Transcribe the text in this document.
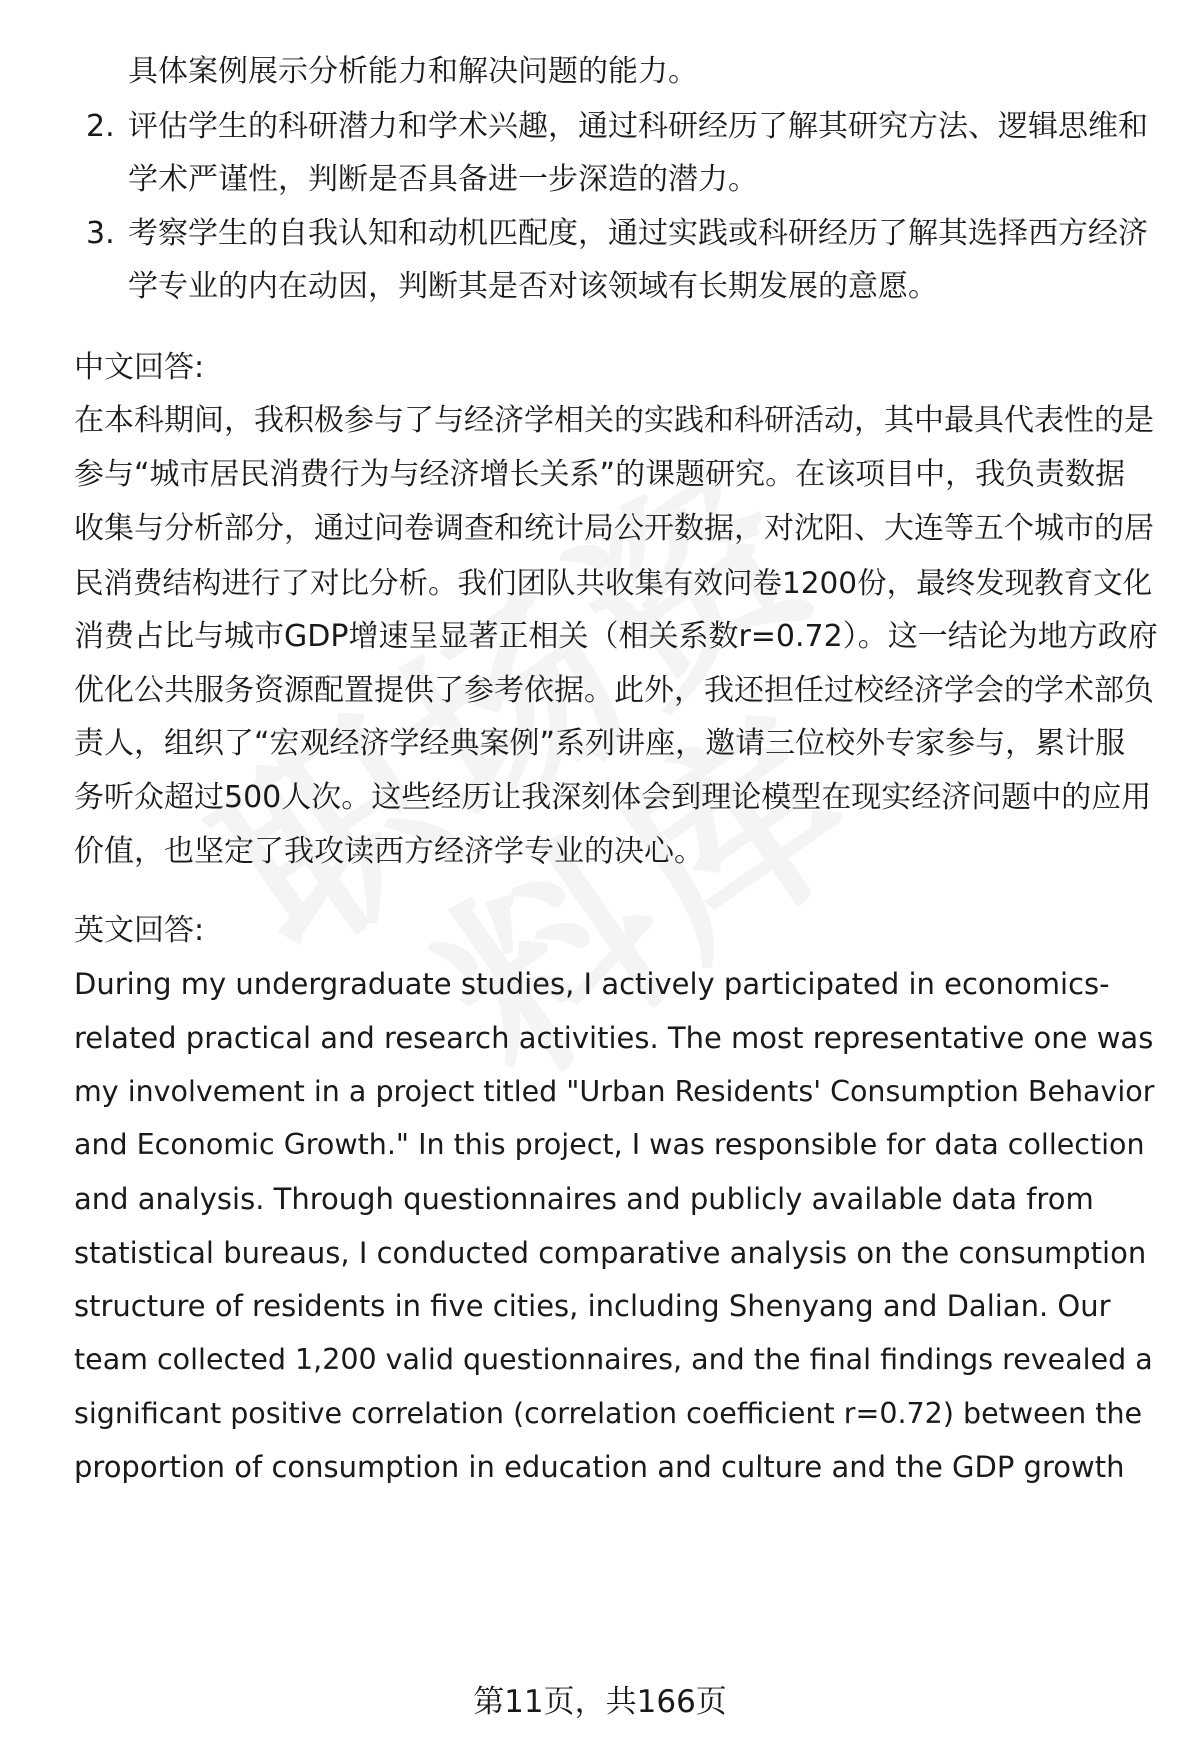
具体案例展示分析能力和解决问题的能力。
2. 评估学生的科研潜力和学术兴趣，通过科研经历了解其研究方法、逻辑思维和
学术严谨性，判断是否具备进一步深造的潜力。
3. 考察学生的自我认知和动机匹配度，通过实践或科研经历了解其选择西方经济
学专业的内在动因，判断其是否对该领域有长期发展的意愿。
中文回答:
在本科期间，我积极参与了与经济学相关的实践和科研活动，其中最具代表性的是
参与“城市居民消费行为与经济增长关系”的课题研究。在该项目中，我负责数据
收集与分析部分，通过问卷调查和统计局公开数据，对沈阳、大连等五个城市的居
民消费结构进行了对比分析。我们团队共收集有效问卷1200份，最终发现教育文化
消费占比与城市GDP增速呈显著正相关（相关系数r=0.72）。这一结论为地方政府
优化公共服务资源配置提供了参考依据。此外，我还担任过校经济学会的学术部负
责人，组织了“宏观经济学经典案例”系列讲座，邀请三位校外专家参与，累计服
务听众超过500人次。这些经历让我深刻体会到理论模型在现实经济问题中的应用
价值，也坚定了我攻读西方经济学专业的决心。
英文回答:
During my undergraduate studies, I actively participated in economics-
related practical and research activities. The most representative one was
my involvement in a project titled "Urban Residents' Consumption Behavior
and Economic Growth." In this project, I was responsible for data collection
and analysis. Through questionnaires and publicly available data from
statistical bureaus, I conducted comparative analysis on the consumption
structure of residents in five cities, including Shenyang and Dalian. Our
team collected 1,200 valid questionnaires, and the final findings revealed a
significant positive correlation (correlation coefficient r=0.72) between the
proportion of consumption in education and culture and the GDP growth
第11页，共166页
